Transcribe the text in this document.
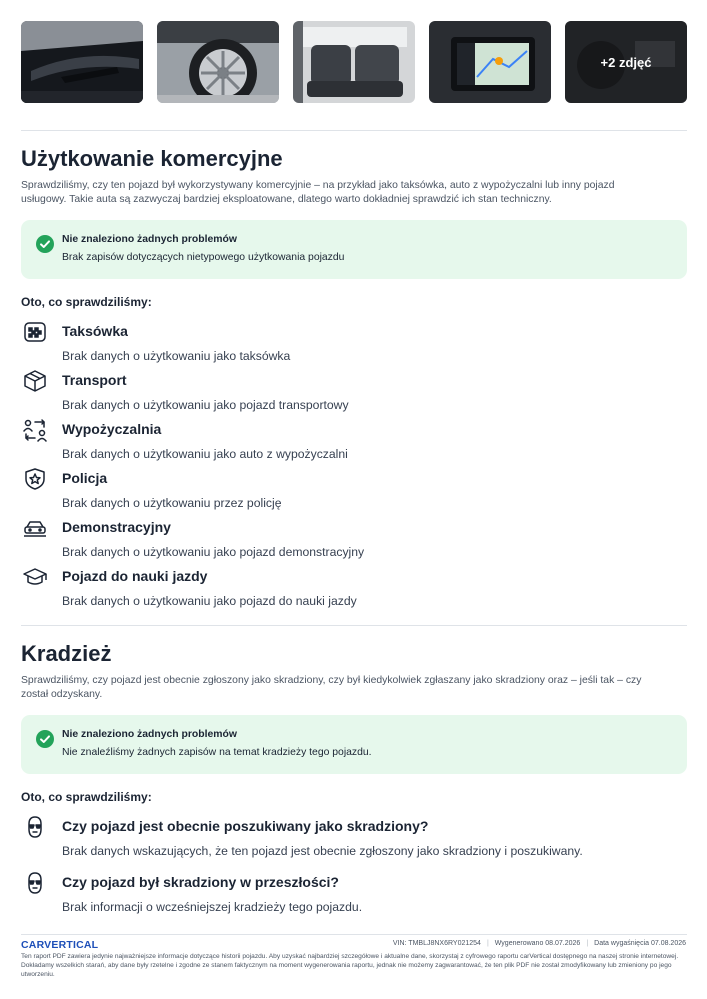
+2 zdjęć
Użytkowanie komercyjne

Sprawdziliśmy, czy ten pojazd był wykorzystywany komercyjnie – na przykład jako taksówka, auto z wypożyczalni lub inny pojazd usługowy. Takie auta są zazwyczaj bardziej eksploatowane, dlatego warto dokładniej sprawdzić ich stan techniczny.

Nie znaleziono żadnych problemów
Brak zapisów dotyczących nietypowego użytkowania pojazdu
Oto, co sprawdziliśmy:
Taksówka
Brak danych o użytkowaniu jako taksówka
Transport
Brak danych o użytkowaniu jako pojazd transportowy
Wypożyczalnia
Brak danych o użytkowaniu jako auto z wypożyczalni
Policja
Brak danych o użytkowaniu przez policję
Demonstracyjny
Brak danych o użytkowaniu jako pojazd demonstracyjny
Pojazd do nauki jazdy
Brak danych o użytkowaniu jako pojazd do nauki jazdy
Kradzież

Sprawdziliśmy, czy pojazd jest obecnie zgłoszony jako skradziony, czy był kiedykolwiek zgłaszany jako skradziony oraz – jeśli tak – czy został odzyskany.

Nie znaleziono żadnych problemów
Nie znaleźliśmy żadnych zapisów na temat kradzieży tego pojazdu.
Oto, co sprawdziliśmy:
Czy pojazd jest obecnie poszukiwany jako skradziony?
Brak danych wskazujących, że ten pojazd jest obecnie zgłoszony jako skradziony i poszukiwany.
Czy pojazd był skradziony w przeszłości?
Brak informacji o wcześniejszej kradzieży tego pojazdu.
CARVERTICAL	VIN: TMBLJ8NX6RY021254 | Wygenerowano 08.07.2026 | Data wygaśnięcia 07.08.2026

Ten raport PDF zawiera jedynie najważniejsze informacje dotyczące historii pojazdu. Aby uzyskać najbardziej szczegółowe i aktualne dane, skorzystaj z cyfrowego raportu carVertical dostępnego na naszej stronie internetowej. Dokładamy wszelkich starań, aby dane były rzetelne i zgodne ze stanem faktycznym na moment wygenerowania raportu, jednak nie możemy zagwarantować, że ten plik PDF nie został zmodyfikowany lub zmieniony po jego utworzeniu.
